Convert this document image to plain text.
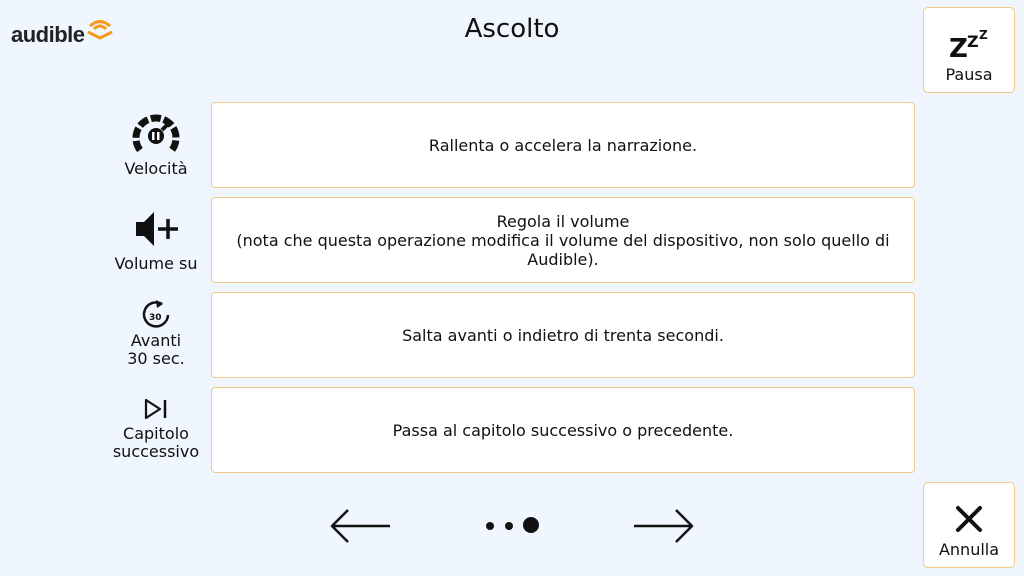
audible	Ascolto
Z Z Z
Pausa
Annulla
Velocità
Rallenta o accelera la narrazione.
Volume su
Regola il volume
(nota che questa operazione modifica il volume del dispositivo, non solo quello di Audible).
30
Avanti
30 sec.
Salta avanti o indietro di trenta secondi.
Capitolo
successivo
Passa al capitolo successivo o precedente.
